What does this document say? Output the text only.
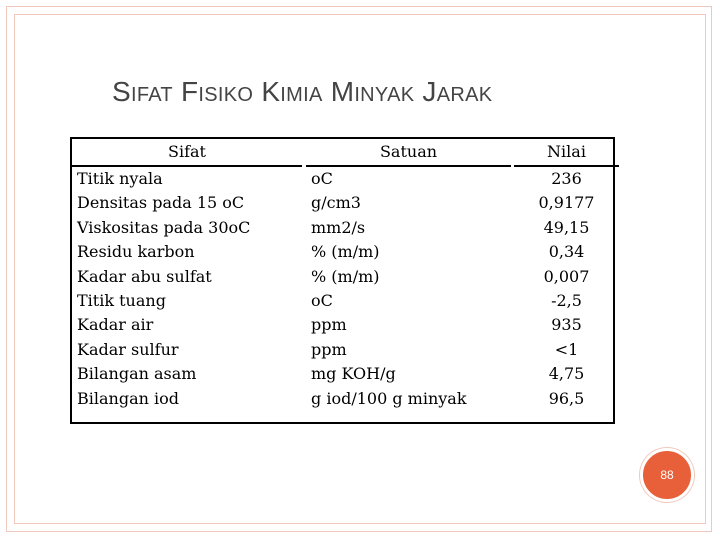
Sifat Fisiko Kimia Minyak Jarak
Sifat
Titik nyala
Densitas pada 15 oC
Viskositas pada 30oC
Residu karbon
Kadar abu sulfat
Titik tuang
Kadar air
Kadar sulfur
Bilangan asam
Bilangan iod
Satuan
oC
g/cm3
mm2/s
% (m/m)
% (m/m)
oC
ppm
ppm
mg KOH/g
g iod/100 g minyak
Nilai
236
0,9177
49,15
0,34
0,007
-2,5
935
<1
4,75
96,5
88
